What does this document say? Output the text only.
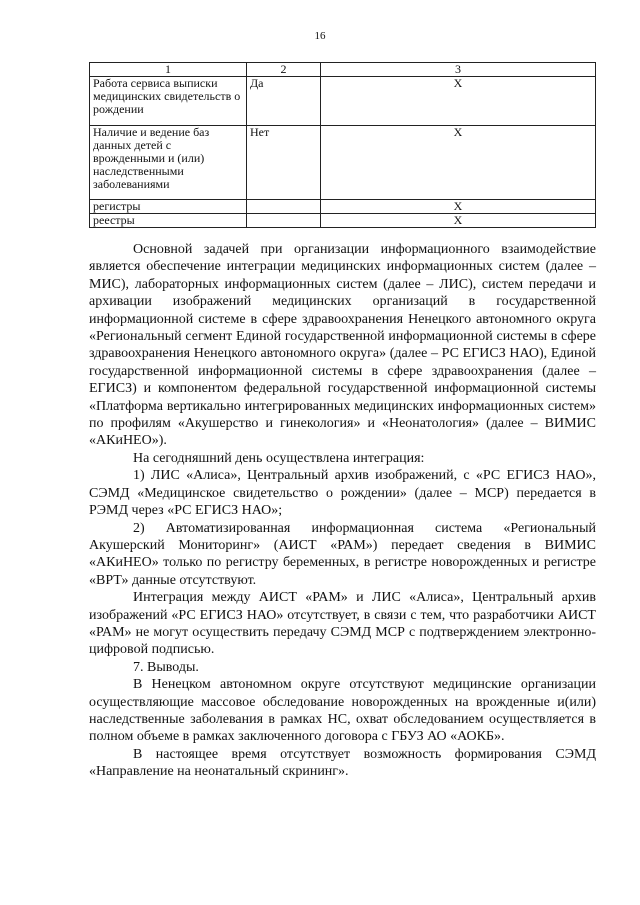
16
1	2	3
Работа сервиса выписки медицинских свидетельств о рождении	Да	X
Наличие и ведение баз данных детей с врожденными и (или) наследственными заболеваниями	Нет	X
регистры		X
реестры		X

Основной задачей при организации информационного взаимодействие является обеспечение интеграции медицинских информационных систем (далее – МИС), лабораторных информационных систем (далее – ЛИС), систем передачи и архивации изображений медицинских организаций в государственной информационной системе в сфере здравоохранения Ненецкого автономного округа «Региональный сегмент Единой государственной информационной системы в сфере здравоохранения Ненецкого автономного округа» (далее – РС ЕГИСЗ НАО), Единой государственной информационной системы в сфере здравоохранения (далее – ЕГИСЗ) и компонентом федеральной государственной информационной системы «Платформа вертикально интегрированных медицинских информационных систем» по профилям «Акушерство и гинекология» и «Неонатология» (далее – ВИМИС «АКиНЕО»).

На сегодняшний день осуществлена интеграция:

1) ЛИС «Алиса», Центральный архив изображений, с «РС ЕГИСЗ НАО», СЭМД «Медицинское свидетельство о рождении» (далее – МСР) передается в РЭМД через «РС ЕГИСЗ НАО»;

2) Автоматизированная информационная система «Региональный Акушерский Мониторинг» (АИСТ «РАМ») передает сведения в ВИМИС «АКиНЕО» только по регистру беременных, в регистре новорожденных и регистре «ВРТ» данные отсутствуют.

Интеграция между АИСТ «РАМ» и ЛИС «Алиса», Центральный архив изображений «РС ЕГИСЗ НАО» отсутствует, в связи с тем, что разработчики АИСТ «РАМ» не могут осуществить передачу СЭМД МСР с подтверждением электронно-цифровой подписью.

7. Выводы.

В Ненецком автономном округе отсутствуют медицинские организации осуществляющие массовое обследование новорожденных на врожденные и(или) наследственные заболевания в рамках НС, охват обследованием осуществляется в полном объеме в рамках заключенного договора с ГБУЗ АО «АОКБ».

В настоящее время отсутствует возможность формирования СЭМД «Направление на неонатальный скрининг».
